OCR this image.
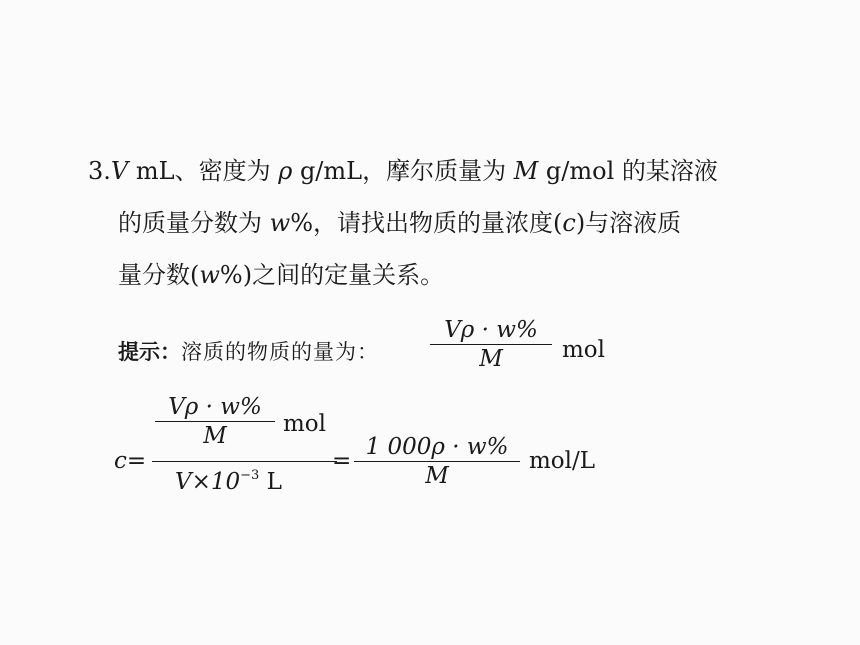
3.V mL、密度为 ρ g/mL，摩尔质量为 M g/mol 的某溶液
的质量分数为 w%，请找出物质的量浓度(c)与溶液质
量分数(w%)之间的定量关系。
提示：溶质的物质的量为：
Vρ · w%
M	mol
c=
Vρ · w%
M	mol
$V\times 10^{-3}$ L
=
1 000ρ · w%
M
mol/L
